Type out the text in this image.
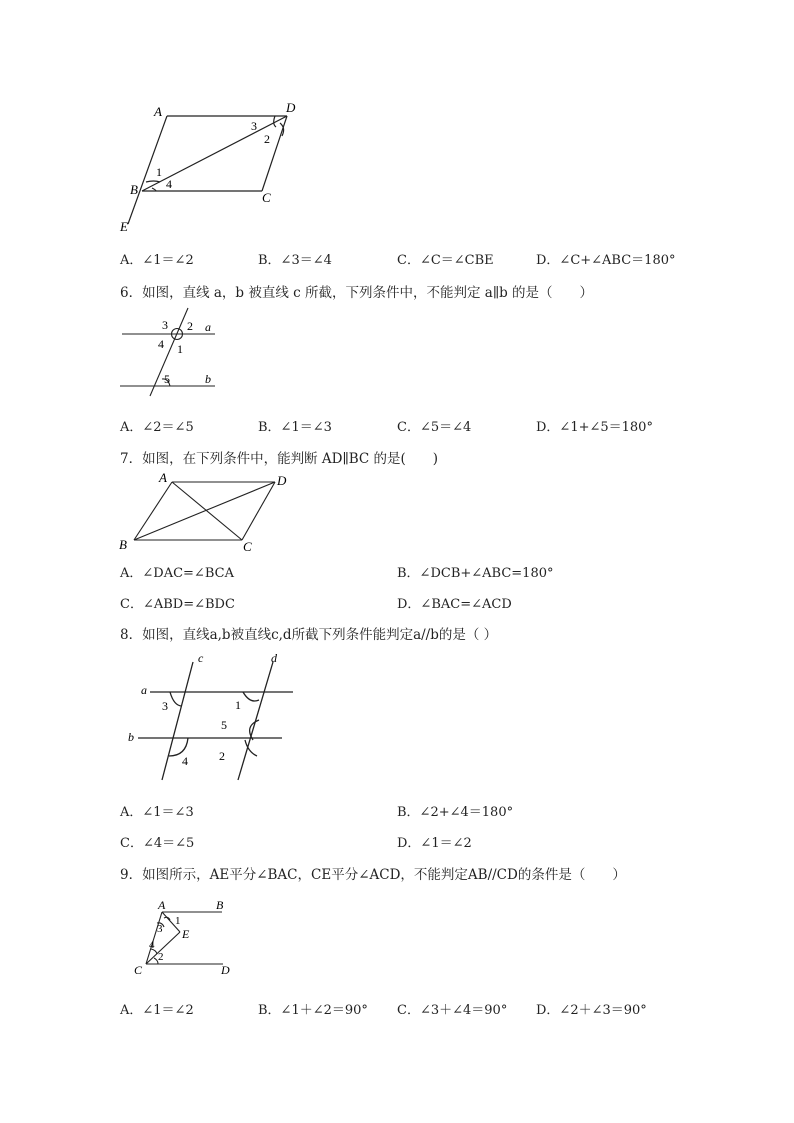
A	D
B
C
E
1
2
3
4
A．∠1＝∠2	B．∠3＝∠4	C．∠C＝∠CBE	D．∠C+∠ABC＝180°
6．如图，直线 a，b 被直线 c 所截，下列条件中，不能判定 a∥b 的是（　　）
3 2 a
4 1
5	b
A．∠2＝∠5	B．∠1＝∠3	C．∠5＝∠4	D．∠1+∠5＝180°
7．如图，在下列条件中，能判断 AD∥BC 的是(　　)
A	D
B	C
A．∠DAC=∠BCA	B．∠DCB+∠ABC=180°
C．∠ABD=∠BDC	D．∠BAC=∠ACD
8．如图，直线a,b被直线c,d所截下列条件能判定a//b的是（ ）
c	d
a
b
3	1
5
4	2
A．∠1＝∠3	B．∠2+∠4＝180°
C．∠4＝∠5	D．∠1＝∠2
9．如图所示，AE平分∠BAC，CE平分∠ACD，不能判定AB//CD的条件是（　　）
A	B
1
3 E
4
2
C	D
A．∠1＝∠2	B．∠1＋∠2＝90° C．∠3＋∠4＝90° D．∠2＋∠3＝90°
